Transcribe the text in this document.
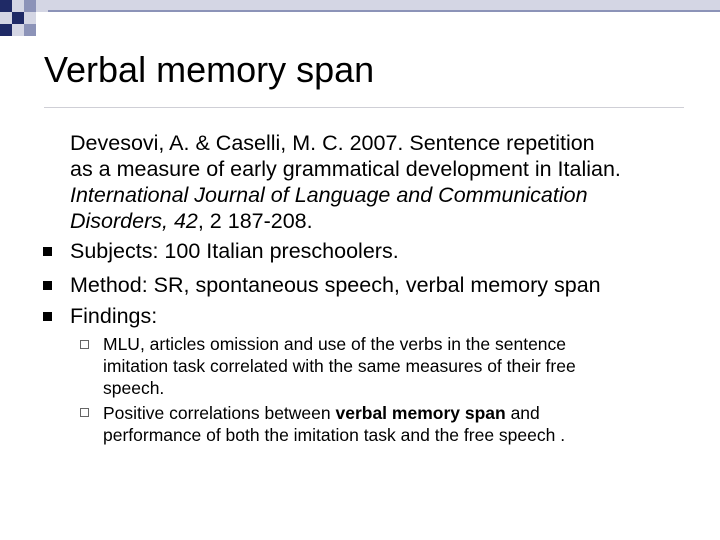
Verbal memory span
Devesovi, A. & Caselli, M. C. 2007. Sentence repetition
as a measure of early grammatical development in Italian.
International Journal of Language and Communication
Disorders, 42, 2 187-208.
Subjects: 100 Italian preschoolers.
Method: SR, spontaneous speech, verbal memory span
Findings:
MLU, articles omission and use of the verbs in the sentence
imitation task correlated with the same measures of their free
speech.
Positive correlations between verbal memory span and
performance of both the imitation task and the free speech .
